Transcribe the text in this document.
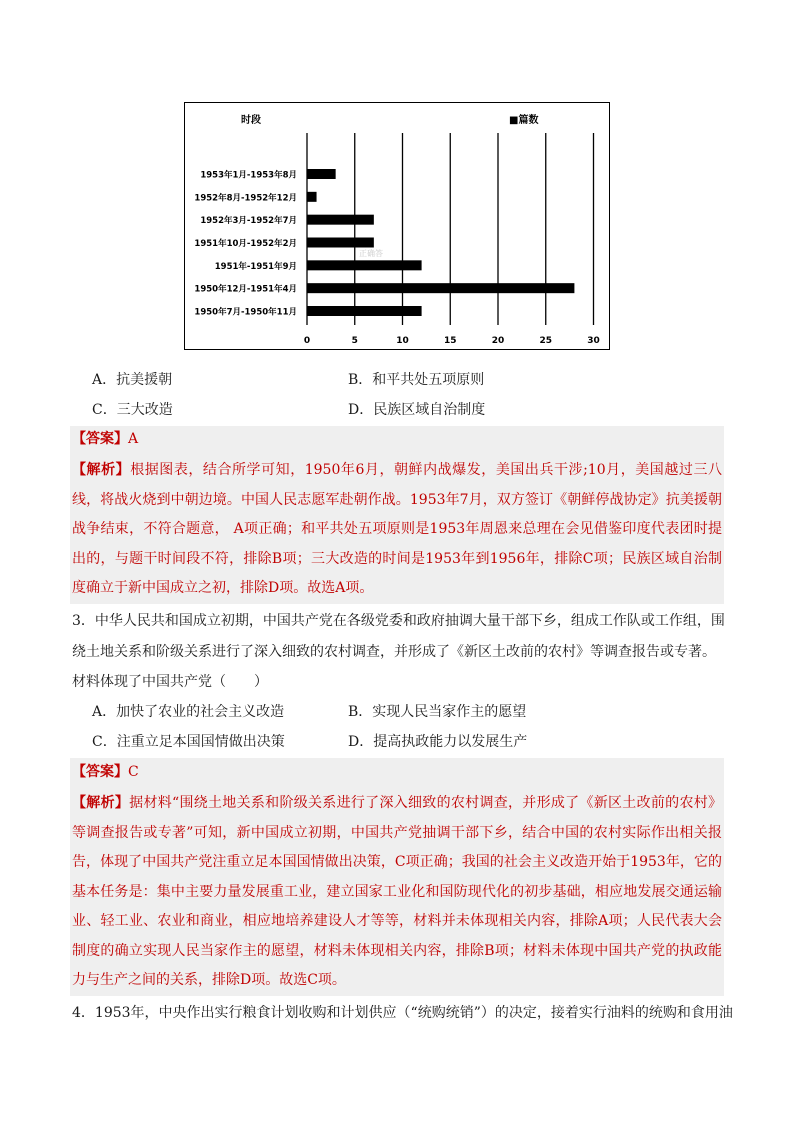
时段	■篇数
1953年1月-1953年8月
1952年8月-1952年12月
1952年3月-1952年7月
1951年10月-1952年2月
1951年-1951年9月
1950年12月-1951年4月
1950年7月-1950年11月
0	5	10	15	20	25	30
正确答
A．抗美援朝	B．和平共处五项原则
C．三大改造	D．民族区域自治制度
【答案】A
【解析】根据图表，结合所学可知，1950年6月，朝鲜内战爆发，美国出兵干涉;10月，美国越过三八线，将战火烧到中朝边境。中国人民志愿军赴朝作战。1953年7月，双方签订《朝鲜停战协定》抗美援朝战争结束，不符合题意， A项正确；和平共处五项原则是1953年周恩来总理在会见借鉴印度代表团时提出的，与题干时间段不符，排除B项；三大改造的时间是1953年到1956年，排除C项；民族区域自治制度确立于新中国成立之初，排除D项。故选A项。
3．中华人民共和国成立初期，中国共产党在各级党委和政府抽调大量干部下乡，组成工作队或工作组，围
绕土地关系和阶级关系进行了深入细致的农村调查，并形成了《新区土改前的农村》等调查报告或专著。
材料体现了中国共产党（　　）
A．加快了农业的社会主义改造	B．实现人民当家作主的愿望
C．注重立足本国国情做出决策	D．提高执政能力以发展生产
【答案】C
【解析】据材料“围绕土地关系和阶级关系进行了深入细致的农村调查，并形成了《新区土改前的农村》等调查报告或专著”可知，新中国成立初期，中国共产党抽调干部下乡，结合中国的农村实际作出相关报告，体现了中国共产党注重立足本国国情做出决策，C项正确；我国的社会主义改造开始于1953年，它的基本任务是：集中主要力量发展重工业，建立国家工业化和国防现代化的初步基础，相应地发展交通运输业、轻工业、农业和商业，相应地培养建设人才等等，材料并未体现相关内容，排除A项；人民代表大会制度的确立实现人民当家作主的愿望，材料未体现相关内容，排除B项；材料未体现中国共产党的执政能力与生产之间的关系，排除D项。故选C项。
4．1953年，中央作出实行粮食计划收购和计划供应（“统购统销”）的决定，接着实行油料的统购和食用油
